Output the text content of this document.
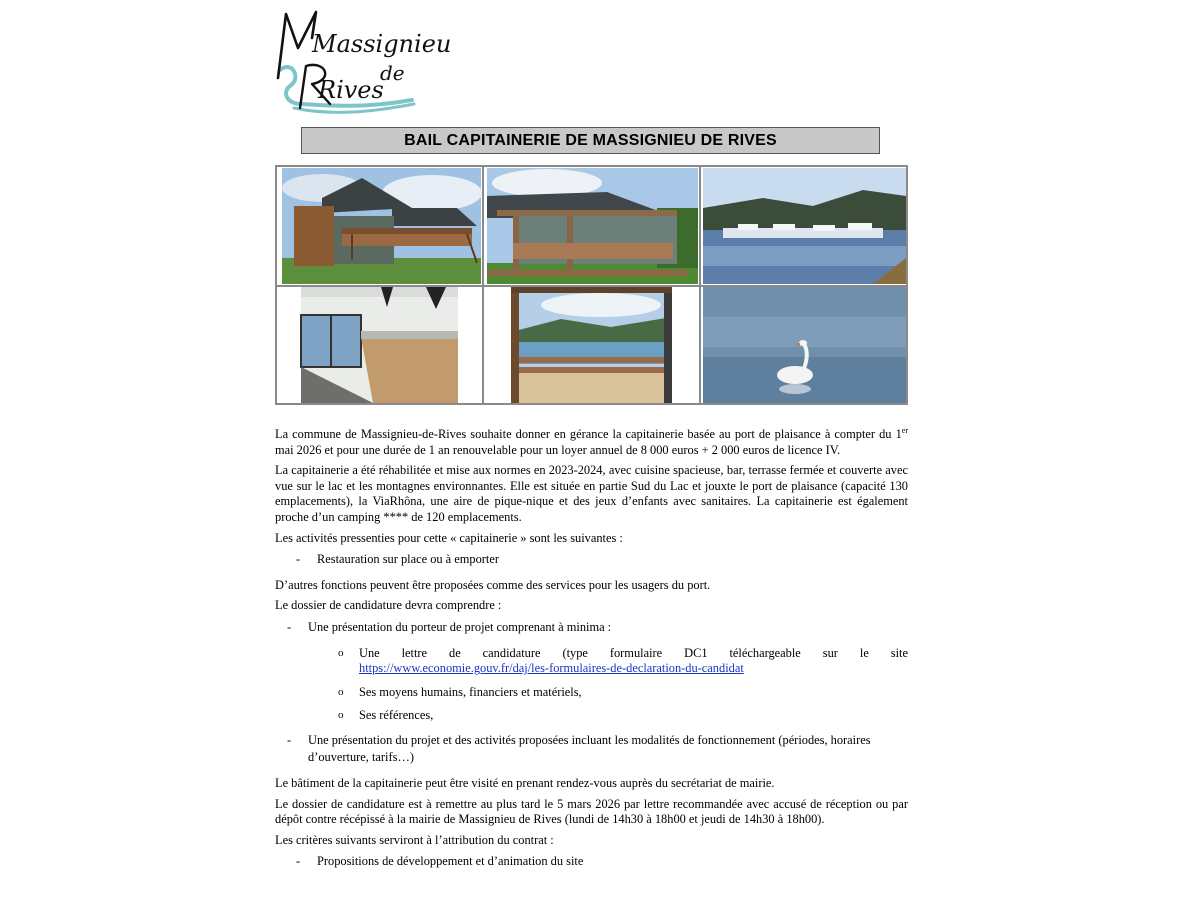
Massignieu
de
Rives
BAIL CAPITAINERIE DE MASSIGNIEU DE RIVES

La commune de Massignieu-de-Rives souhaite donner en gérance la capitainerie basée au port de plaisance à compter du 1er mai 2026 et pour une durée de 1 an renouvelable pour un loyer annuel de 8 000 euros + 2 000 euros de licence IV.

La capitainerie a été réhabilitée et mise aux normes en 2023-2024, avec cuisine spacieuse, bar, terrasse fermée et couverte avec vue sur le lac et les montagnes environnantes. Elle est située en partie Sud du Lac et jouxte le port de plaisance (capacité 130 emplacements), la ViaRhôna, une aire de pique-nique et des jeux d’enfants avec sanitaires. La capitainerie est également proche d’un camping **** de 120 emplacements.

Les activités pressenties pour cette « capitainerie » sont les suivantes :

- Restauration sur place ou à emporter

D’autres fonctions peuvent être proposées comme des services pour les usagers du port.

Le dossier de candidature devra comprendre :

- Une présentation du porteur de projet comprenant à minima :
o Une lettre de candidature (type formulaire DC1 téléchargeable sur le site https://www.economie.gouv.fr/daj/les-formulaires-de-declaration-du-candidat
o Ses moyens humains, financiers et matériels,
o Ses références,
- Une présentation du projet et des activités proposées incluant les modalités de fonctionnement (périodes, horaires d’ouverture, tarifs…)

Le bâtiment de la capitainerie peut être visité en prenant rendez-vous auprès du secrétariat de mairie.

Le dossier de candidature est à remettre au plus tard le 5 mars 2026 par lettre recommandée avec accusé de réception ou par dépôt contre récépissé à la mairie de Massignieu de Rives (lundi de 14h30 à 18h00 et jeudi de 14h30 à 18h00).

Les critères suivants serviront à l’attribution du contrat :

- Propositions de développement et d’animation du site
